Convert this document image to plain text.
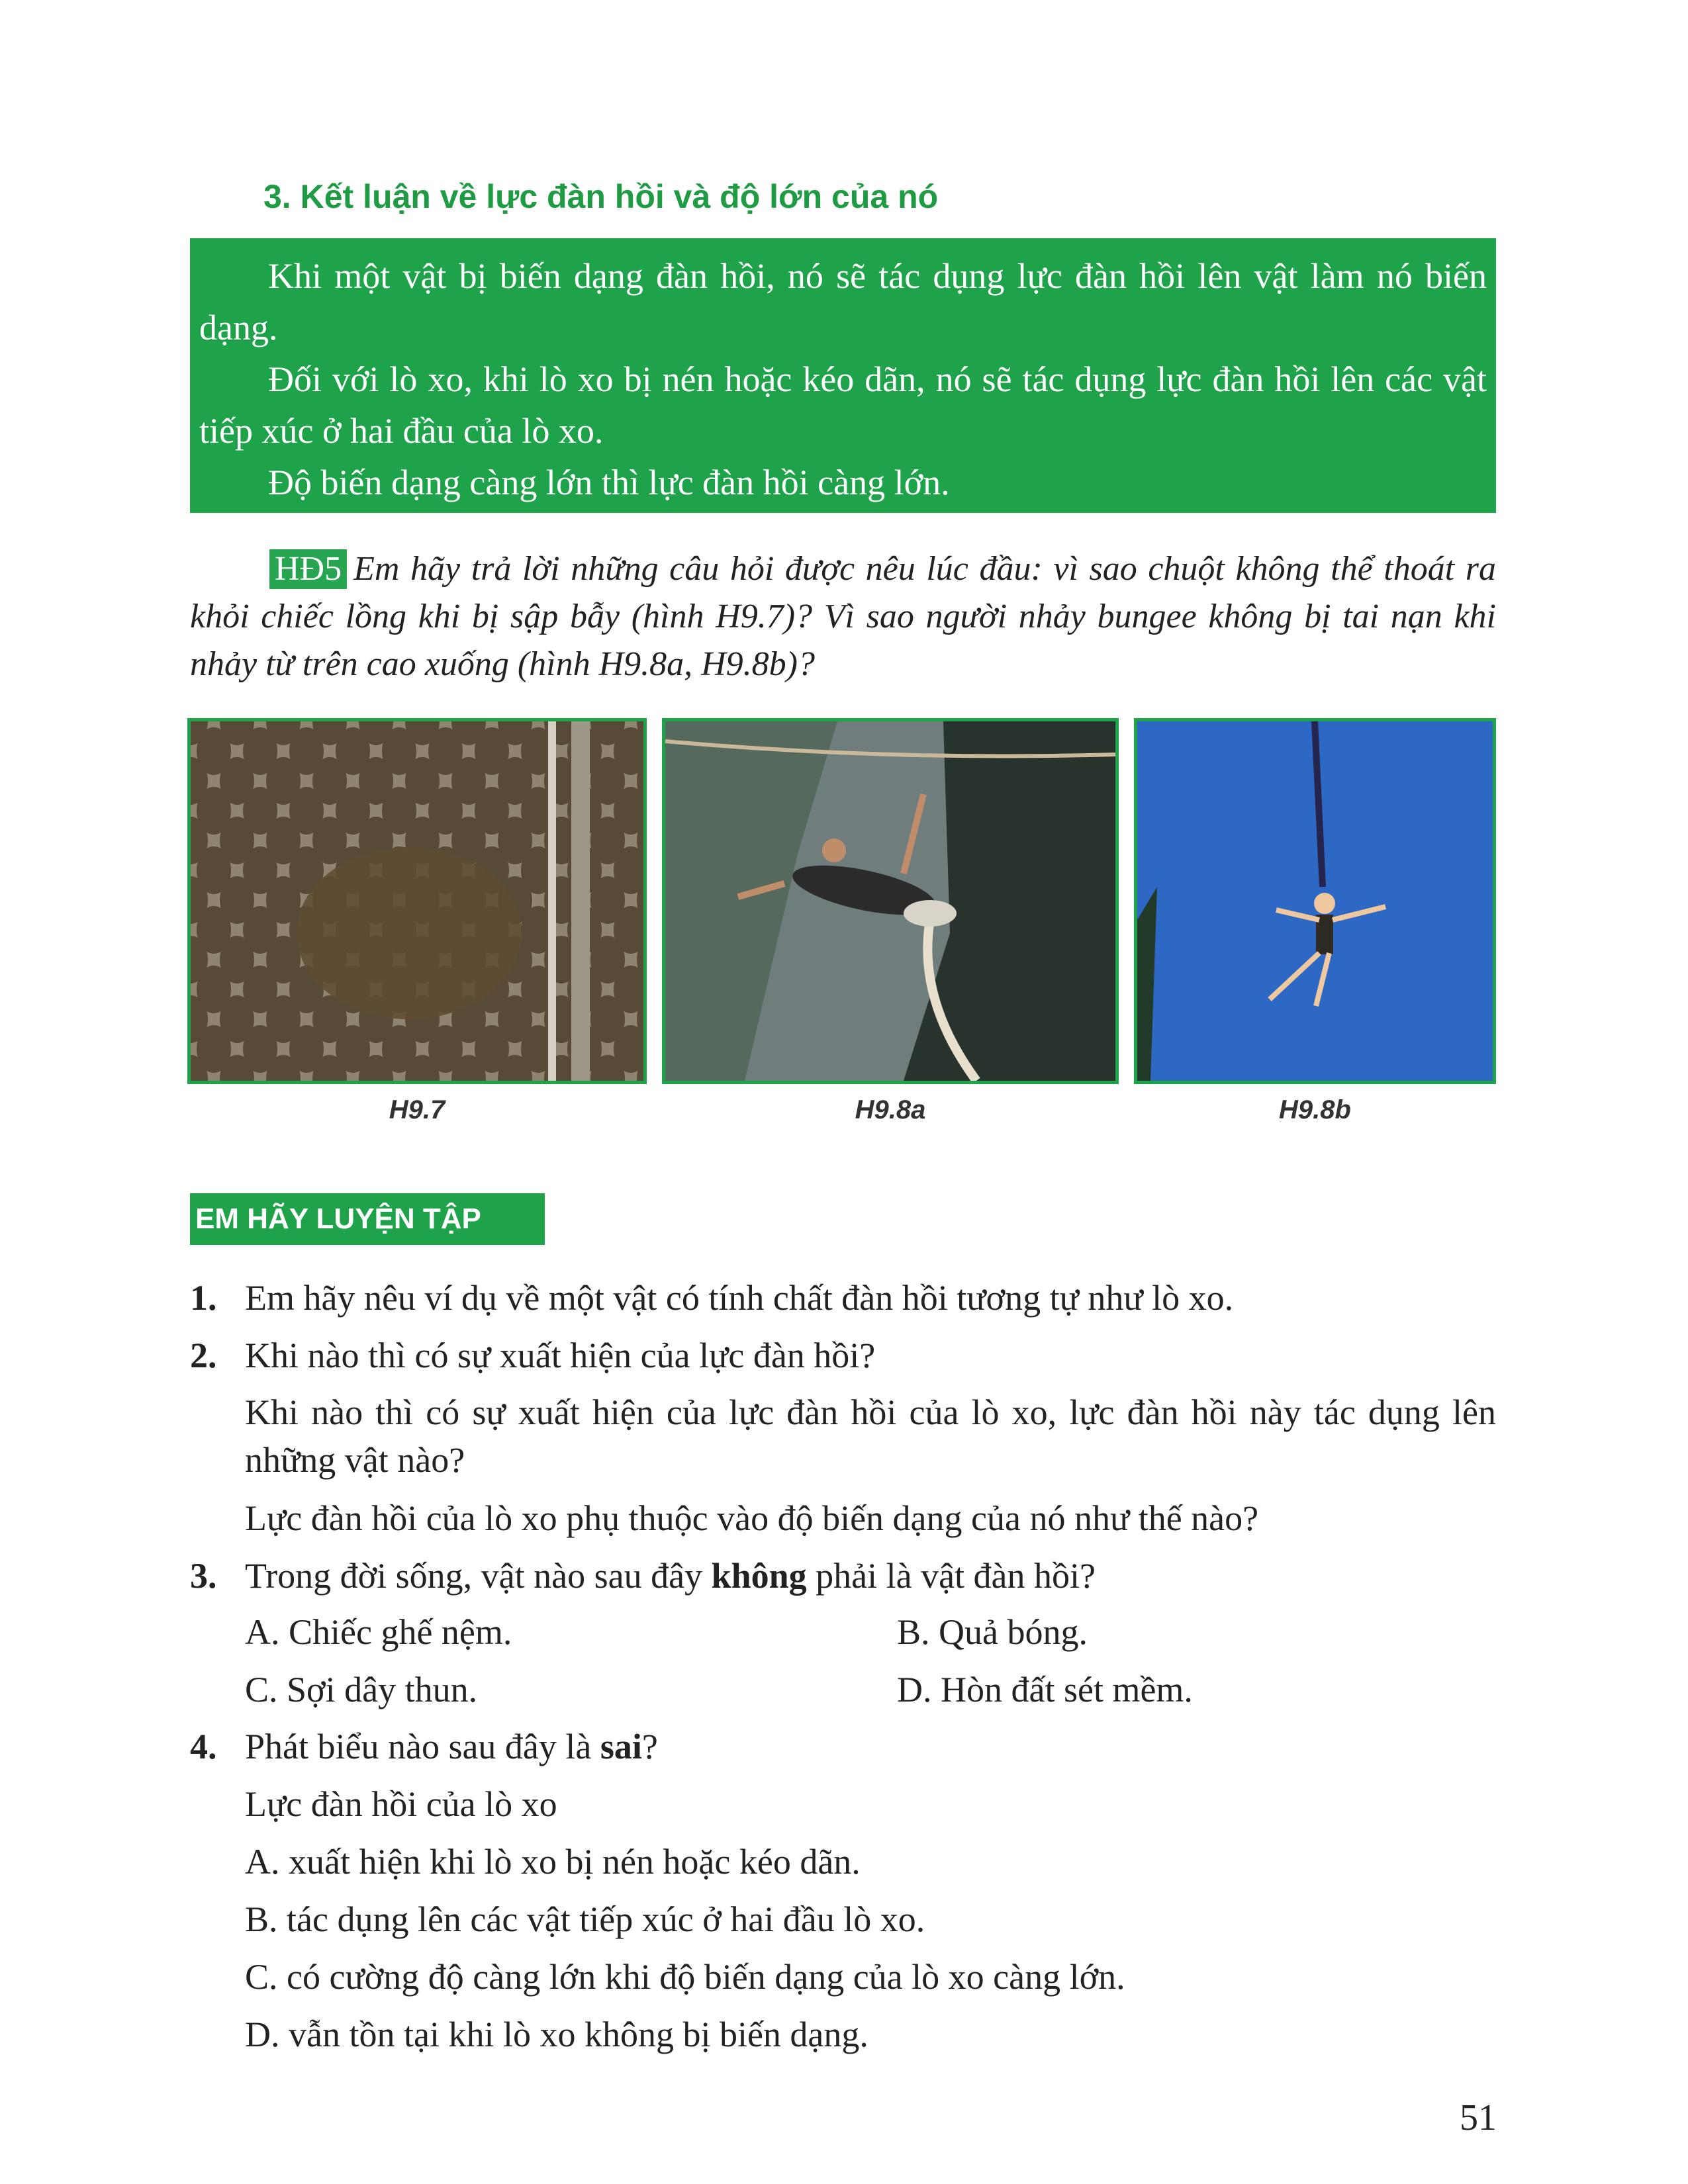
3. Kết luận về lực đàn hồi và độ lớn của nó

Khi một vật bị biến dạng đàn hồi, nó sẽ tác dụng lực đàn hồi lên vật làm nó biến dạng.

Đối với lò xo, khi lò xo bị nén hoặc kéo dãn, nó sẽ tác dụng lực đàn hồi lên các vật tiếp xúc ở hai đầu của lò xo.

Độ biến dạng càng lớn thì lực đàn hồi càng lớn.

HĐ5 Em hãy trả lời những câu hỏi được nêu lúc đầu: vì sao chuột không thể thoát ra khỏi chiếc lồng khi bị sập bẫy (hình H9.7)? Vì sao người nhảy bungee không bị tai nạn khi nhảy từ trên cao xuống (hình H9.8a, H9.8b)?
H9.7	H9.8a	H9.8b
EM HÃY LUYỆN TẬP
1. Em hãy nêu ví dụ về một vật có tính chất đàn hồi tương tự như lò xo.
2. Khi nào thì có sự xuất hiện của lực đàn hồi?
Khi nào thì có sự xuất hiện của lực đàn hồi của lò xo, lực đàn hồi này tác dụng lên những vật nào?
Lực đàn hồi của lò xo phụ thuộc vào độ biến dạng của nó như thế nào?
3. Trong đời sống, vật nào sau đây không phải là vật đàn hồi?
A. Chiếc ghế nệm.	B. Quả bóng.
C. Sợi dây thun.	D. Hòn đất sét mềm.
4. Phát biểu nào sau đây là sai?
Lực đàn hồi của lò xo
A. xuất hiện khi lò xo bị nén hoặc kéo dãn.
B. tác dụng lên các vật tiếp xúc ở hai đầu lò xo.
C. có cường độ càng lớn khi độ biến dạng của lò xo càng lớn.
D. vẫn tồn tại khi lò xo không bị biến dạng.
51
